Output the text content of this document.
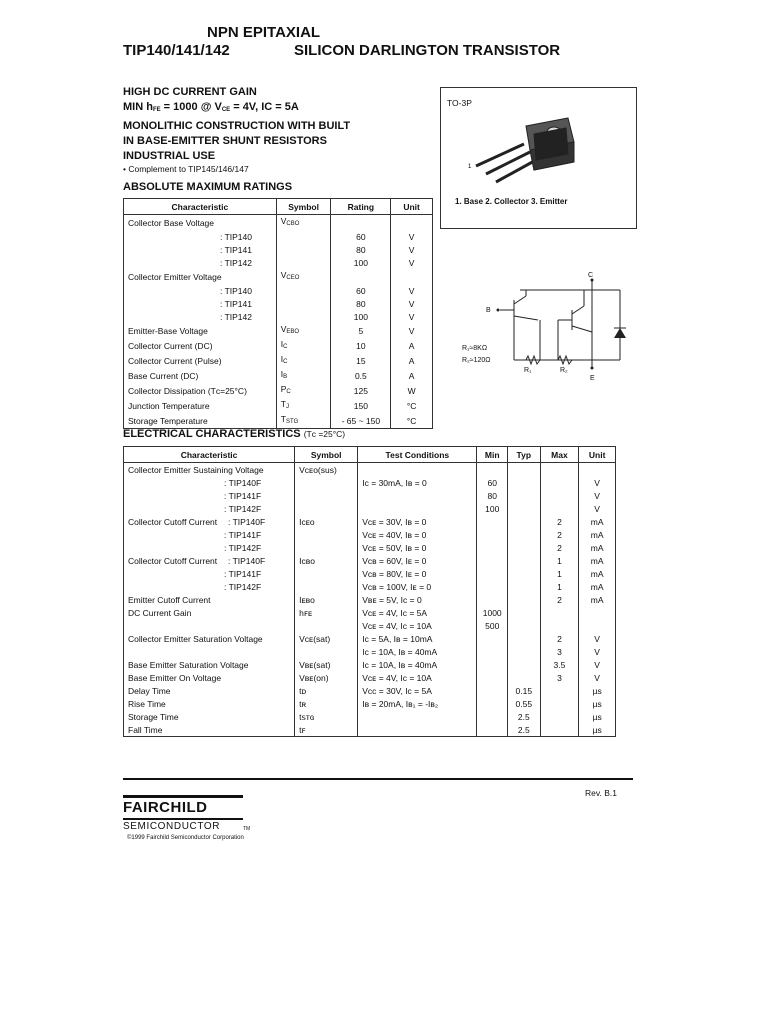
NPN EPITAXIAL
TIP140/141/142	SILICON DARLINGTON TRANSISTOR
HIGH DC CURRENT GAIN
MIN $h_{FE} = 1000$ @ $V_{CE} = 4V$, IC = 5A
MONOLITHIC CONSTRUCTION WITH BUILT
IN BASE-EMITTER SHUNT RESISTORS
INDUSTRIAL USE
• Complement to TIP145/146/147
TO-3P
1
1. Base 2. Collector 3. Emitter
C
B
E
R₁≈8KΩ
R₂≈120Ω
R₁	R₂
ABSOLUTE MAXIMUM RATINGS
Characteristic	Symbol	Rating	Unit
Collector Base Voltage	$V_{CBO}$		
: TIP140		60	V
: TIP141		80	V
: TIP142		100	V
Collector Emitter Voltage	$V_{CEO}$		
: TIP140		60	V
: TIP141		80	V
: TIP142		100	V
Emitter-Base Voltage	$V_{EBO}$	5	V
Collector Current (DC)	$I_C$	10	A
Collector Current (Pulse)	$I_C$	15	A
Base Current (DC)	$I_B$	0.5	A
Collector Dissipation (Tᴄ=25°C)	$P_C$	125	W
Junction Temperature	$T_J$	150	°C
Storage Temperature	$T_{STG}$	- 65 ~ 150	°C
ELECTRICAL CHARACTERISTICS (Tᴄ =25°C)
Characteristic	Symbol	Test Conditions	Min	Typ	Max	Unit
Collector Emitter Sustaining Voltage	Vᴄᴇᴏ(sus)					
: TIP140F		Iᴄ = 30mA, Iʙ = 0	60			V
: TIP141F			80			V
: TIP142F			100			V
Collector Cutoff Current : TIP140F	Iᴄᴇᴏ	Vᴄᴇ = 30V, Iʙ = 0			2	mA
: TIP141F		Vᴄᴇ = 40V, Iʙ = 0			2	mA
: TIP142F		Vᴄᴇ = 50V, Iʙ = 0			2	mA
Collector Cutoff Current : TIP140F	Iᴄʙᴏ	Vᴄʙ = 60V, Iᴇ = 0			1	mA
: TIP141F		Vᴄʙ = 80V, Iᴇ = 0			1	mA
: TIP142F		Vᴄʙ = 100V, Iᴇ = 0			1	mA
Emitter Cutoff Current	Iᴇʙᴏ	Vʙᴇ = 5V, Iᴄ = 0			2	mA
DC Current Gain	hꜰᴇ	Vᴄᴇ = 4V, Iᴄ = 5A	1000			
		Vᴄᴇ = 4V, Iᴄ = 10A	500			
Collector Emitter Saturation Voltage	Vᴄᴇ(sat)	Iᴄ = 5A, Iʙ = 10mA			2	V
		Iᴄ = 10A, Iʙ = 40mA			3	V
Base Emitter Saturation Voltage	Vʙᴇ(sat)	Iᴄ = 10A, Iʙ = 40mA			3.5	V
Base Emitter On Voltage	Vʙᴇ(on)	Vᴄᴇ = 4V, Iᴄ = 10A			3	V
Delay Time	tᴅ	Vᴄᴄ = 30V, Iᴄ = 5A		0.15		µs
Rise Time	tʀ	Iʙ = 20mA, Iʙ₁ = -Iʙ₂		0.55		µs
Storage Time	tꜱᴛɢ			2.5		µs
Fall Time	tꜰ			2.5		µs
Rev. B.1
FAIRCHILD
SEMICONDUCTOR	TM
©1999 Fairchild Semiconductor Corporation
